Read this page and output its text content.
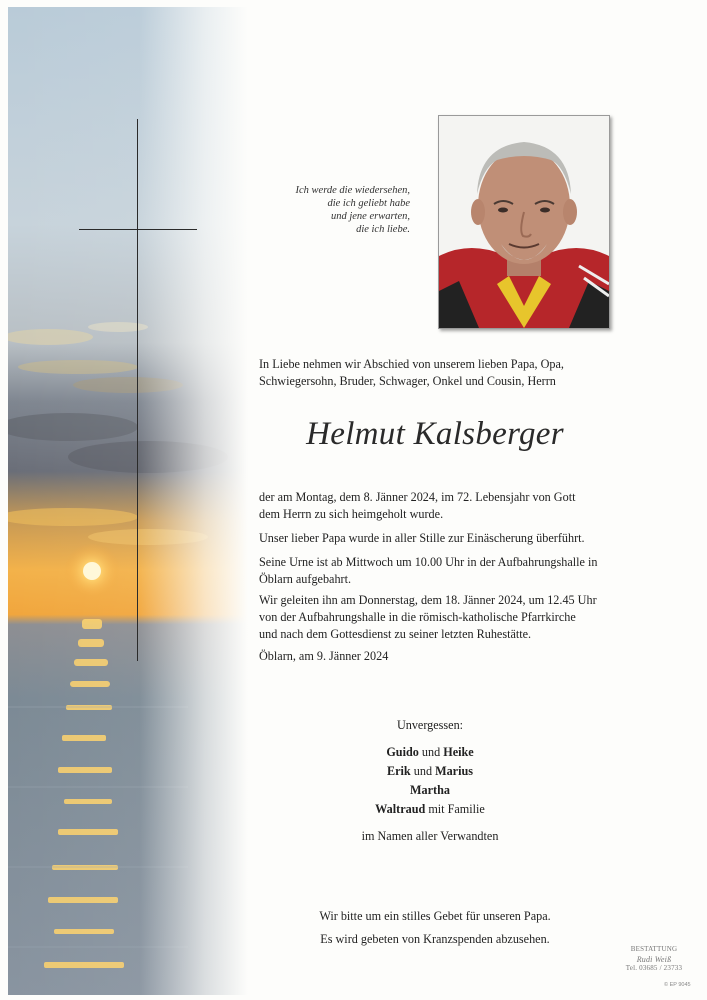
Ich werde die wiedersehen,
die ich geliebt habe
und jene erwarten,
die ich liebe.
In Liebe nehmen wir Abschied von unserem lieben Papa, Opa,
Schwiegersohn, Bruder, Schwager, Onkel und Cousin, Herrn
Helmut Kalsberger
der am Montag, dem 8. Jänner 2024, im 72. Lebensjahr von Gott
dem Herrn zu sich heimgeholt wurde.
Unser lieber Papa wurde in aller Stille zur Einäscherung überführt.
Seine Urne ist ab Mittwoch um 10.00 Uhr in der Aufbahrungshalle in
Öblarn aufgebahrt.
Wir geleiten ihn am Donnerstag, dem 18. Jänner 2024, um 12.45 Uhr
von der Aufbahrungshalle in die römisch-katholische Pfarrkirche
und nach dem Gottesdienst zu seiner letzten Ruhestätte.
Öblarn, am 9. Jänner 2024
Unvergessen:
Guido und Heike
Erik und Marius
Martha
Waltraud mit Familie
im Namen aller Verwandten
Wir bitte um ein stilles Gebet für unseren Papa.
Es wird gebeten von Kranzspenden abzusehen.
BESTATTUNG
Rudi Weiß
Tel. 03685 / 23733
© EP 9045
